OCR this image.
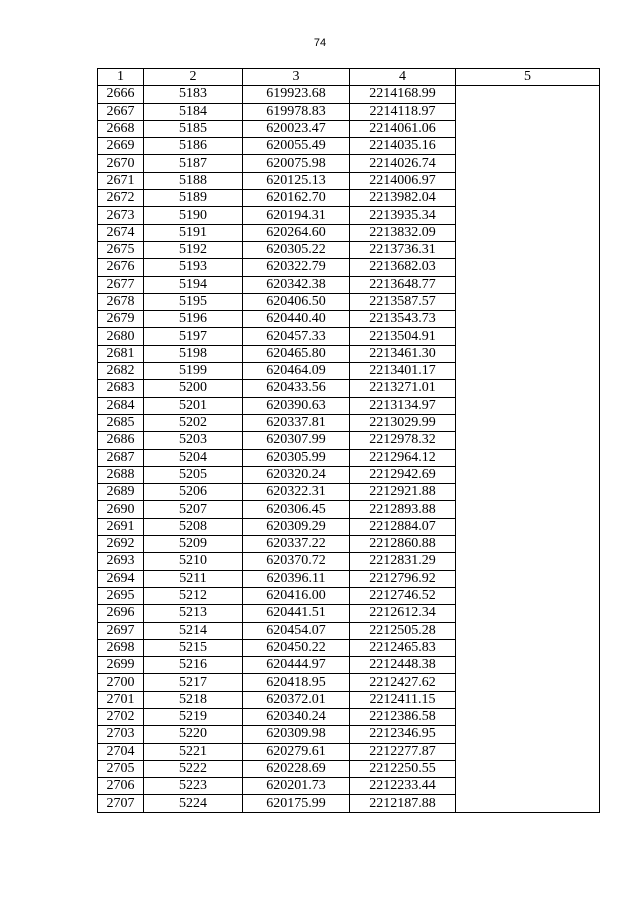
74
1	2	3	4	5
2666	5183	619923.68	2214168.99	
2667	5184	619978.83	2214118.97	
2668	5185	620023.47	2214061.06	
2669	5186	620055.49	2214035.16	
2670	5187	620075.98	2214026.74	
2671	5188	620125.13	2214006.97	
2672	5189	620162.70	2213982.04	
2673	5190	620194.31	2213935.34	
2674	5191	620264.60	2213832.09	
2675	5192	620305.22	2213736.31	
2676	5193	620322.79	2213682.03	
2677	5194	620342.38	2213648.77	
2678	5195	620406.50	2213587.57	
2679	5196	620440.40	2213543.73	
2680	5197	620457.33	2213504.91	
2681	5198	620465.80	2213461.30	
2682	5199	620464.09	2213401.17	
2683	5200	620433.56	2213271.01	
2684	5201	620390.63	2213134.97	
2685	5202	620337.81	2213029.99	
2686	5203	620307.99	2212978.32	
2687	5204	620305.99	2212964.12	
2688	5205	620320.24	2212942.69	
2689	5206	620322.31	2212921.88	
2690	5207	620306.45	2212893.88	
2691	5208	620309.29	2212884.07	
2692	5209	620337.22	2212860.88	
2693	5210	620370.72	2212831.29	
2694	5211	620396.11	2212796.92	
2695	5212	620416.00	2212746.52	
2696	5213	620441.51	2212612.34	
2697	5214	620454.07	2212505.28	
2698	5215	620450.22	2212465.83	
2699	5216	620444.97	2212448.38	
2700	5217	620418.95	2212427.62	
2701	5218	620372.01	2212411.15	
2702	5219	620340.24	2212386.58	
2703	5220	620309.98	2212346.95	
2704	5221	620279.61	2212277.87	
2705	5222	620228.69	2212250.55	
2706	5223	620201.73	2212233.44	
2707	5224	620175.99	2212187.88	
